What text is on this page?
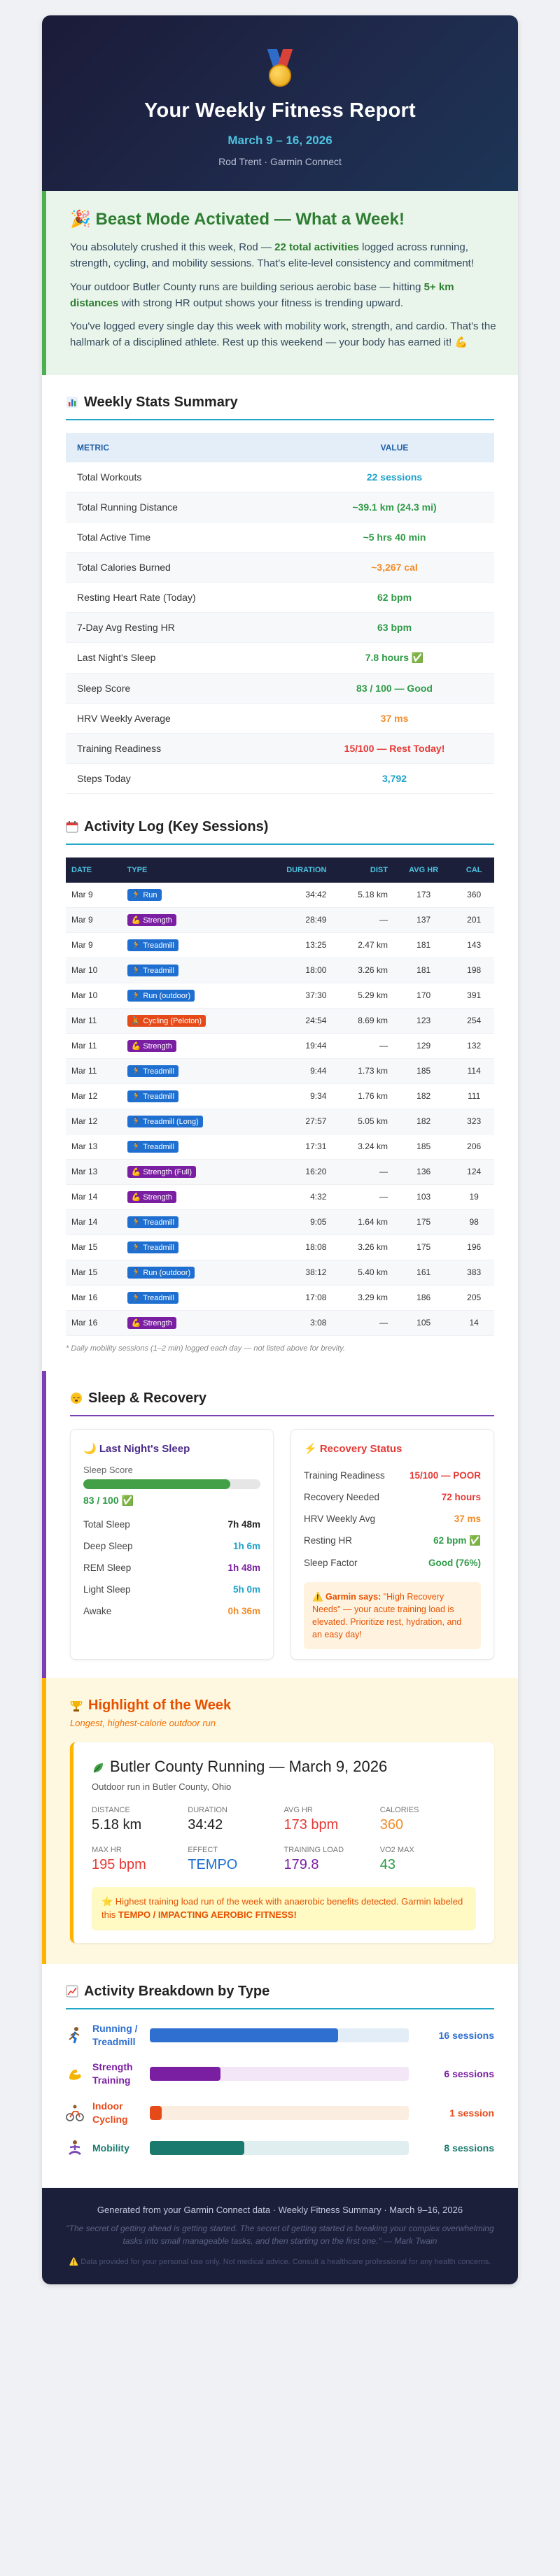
Your Weekly Fitness Report
March 9 – 16, 2026
Rod Trent · Garmin Connect
🎉 Beast Mode Activated — What a Week!

You absolutely crushed it this week, Rod — 22 total activities logged across running, strength, cycling, and mobility sessions. That's elite-level consistency and commitment!

Your outdoor Butler County runs are building serious aerobic base — hitting 5+ km distances with strong HR output shows your fitness is trending upward.

You've logged every single day this week with mobility work, strength, and cardio. That's the hallmark of a disciplined athlete. Rest up this weekend — your body has earned it! 💪

Weekly Stats Summary
METRIC	VALUE
Total Workouts	22 sessions
Total Running Distance	~39.1 km (24.3 mi)
Total Active Time	~5 hrs 40 min
Total Calories Burned	~3,267 cal
Resting Heart Rate (Today)	62 bpm
7-Day Avg Resting HR	63 bpm
Last Night's Sleep	7.8 hours ✅
Sleep Score	83 / 100 — Good
HRV Weekly Average	37 ms
Training Readiness	15/100 — Rest Today!
Steps Today	3,792
Activity Log (Key Sessions)
DATE	TYPE	DURATION	DIST	AVG HR	CAL
Mar 9	🏃 Run	34:42	5.18 km	173	360
Mar 9	💪 Strength	28:49	—	137	201
Mar 9	🏃 Treadmill	13:25	2.47 km	181	143
Mar 10	🏃 Treadmill	18:00	3.26 km	181	198
Mar 10	🏃 Run (outdoor)	37:30	5.29 km	170	391
Mar 11	🚴 Cycling (Peloton)	24:54	8.69 km	123	254
Mar 11	💪 Strength	19:44	—	129	132
Mar 11	🏃 Treadmill	9:44	1.73 km	185	114
Mar 12	🏃 Treadmill	9:34	1.76 km	182	111
Mar 12	🏃 Treadmill (Long)	27:57	5.05 km	182	323
Mar 13	🏃 Treadmill	17:31	3.24 km	185	206
Mar 13	💪 Strength (Full)	16:20	—	136	124
Mar 14	💪 Strength	4:32	—	103	19
Mar 14	🏃 Treadmill	9:05	1.64 km	175	98
Mar 15	🏃 Treadmill	18:08	3.26 km	175	196
Mar 15	🏃 Run (outdoor)	38:12	5.40 km	161	383
Mar 16	🏃 Treadmill	17:08	3.29 km	186	205
Mar 16	💪 Strength	3:08	—	105	14
* Daily mobility sessions (1–2 min) logged each day — not listed above for brevity.
Sleep & Recovery
🌙 Last Night's Sleep
Sleep Score
83 / 100 ✅
Total Sleep	7h 48m
Deep Sleep	1h 6m
REM Sleep	1h 48m
Light Sleep	5h 0m
Awake	0h 36m
⚡ Recovery Status
Training Readiness	15/100 — POOR
Recovery Needed	72 hours
HRV Weekly Avg	37 ms
Resting HR	62 bpm ✅
Sleep Factor	Good (76%)
⚠️ Garmin says: "High Recovery Needs" — your acute training load is elevated. Prioritize rest, hydration, and an easy day!
Highlight of the Week
Longest, highest-calorie outdoor run
Butler County Running — March 9, 2026
Outdoor run in Butler County, Ohio
DISTANCE
5.18 km
DURATION
34:42
AVG HR
173 bpm
CALORIES
360
MAX HR
195 bpm
EFFECT
TEMPO
TRAINING LOAD
179.8
VO2 MAX
43
⭐ Highest training load run of the week with anaerobic benefits detected. Garmin labeled this TEMPO / IMPACTING AEROBIC FITNESS!
Activity Breakdown by Type
Running / Treadmill
16 sessions
Strength Training
6 sessions
Indoor Cycling
1 session
Mobility	8 sessions
Generated from your Garmin Connect data · Weekly Fitness Summary · March 9–16, 2026
"The secret of getting ahead is getting started. The secret of getting started is breaking your complex overwhelming tasks into small manageable tasks, and then starting on the first one." — Mark Twain
⚠️ Data provided for your personal use only. Not medical advice. Consult a healthcare professional for any health concerns.
